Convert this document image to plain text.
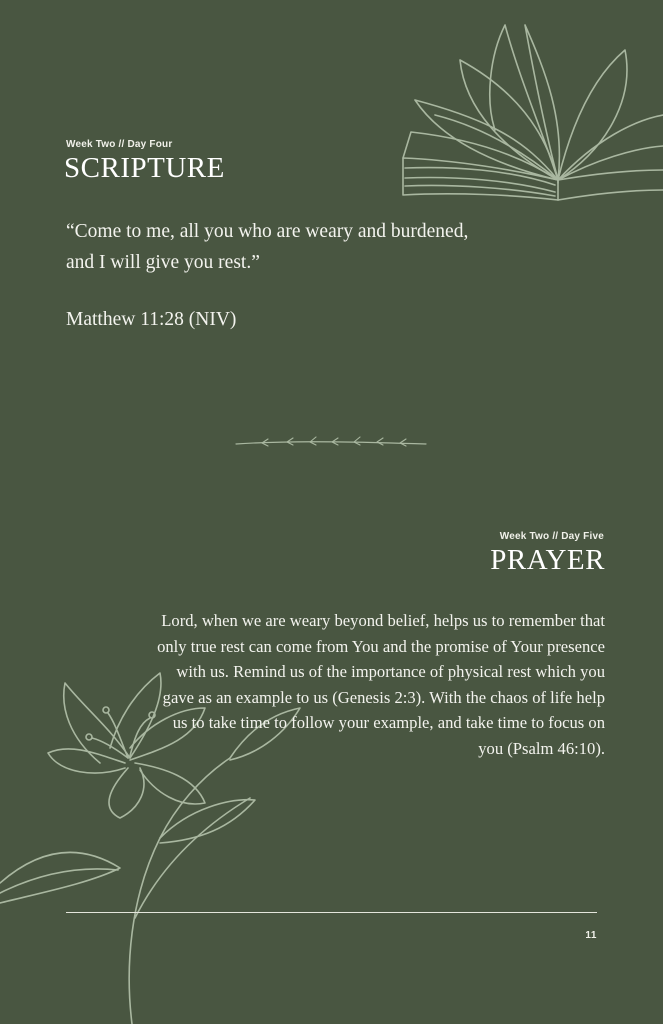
Week Two // Day Four
SCRIPTURE
“Come to me, all you who are weary and burdened, and I will give you rest.”
Matthew 11:28 (NIV)
Week Two // Day Five
PRAYER
Lord, when we are weary beyond belief, helps us to remember that only true rest can come from You and the promise of Your presence with us. Remind us of the importance of physical rest which you gave as an example to us (Genesis 2:3). With the chaos of life help us to take time to follow your example, and take time to focus on you (Psalm 46:10).
11
